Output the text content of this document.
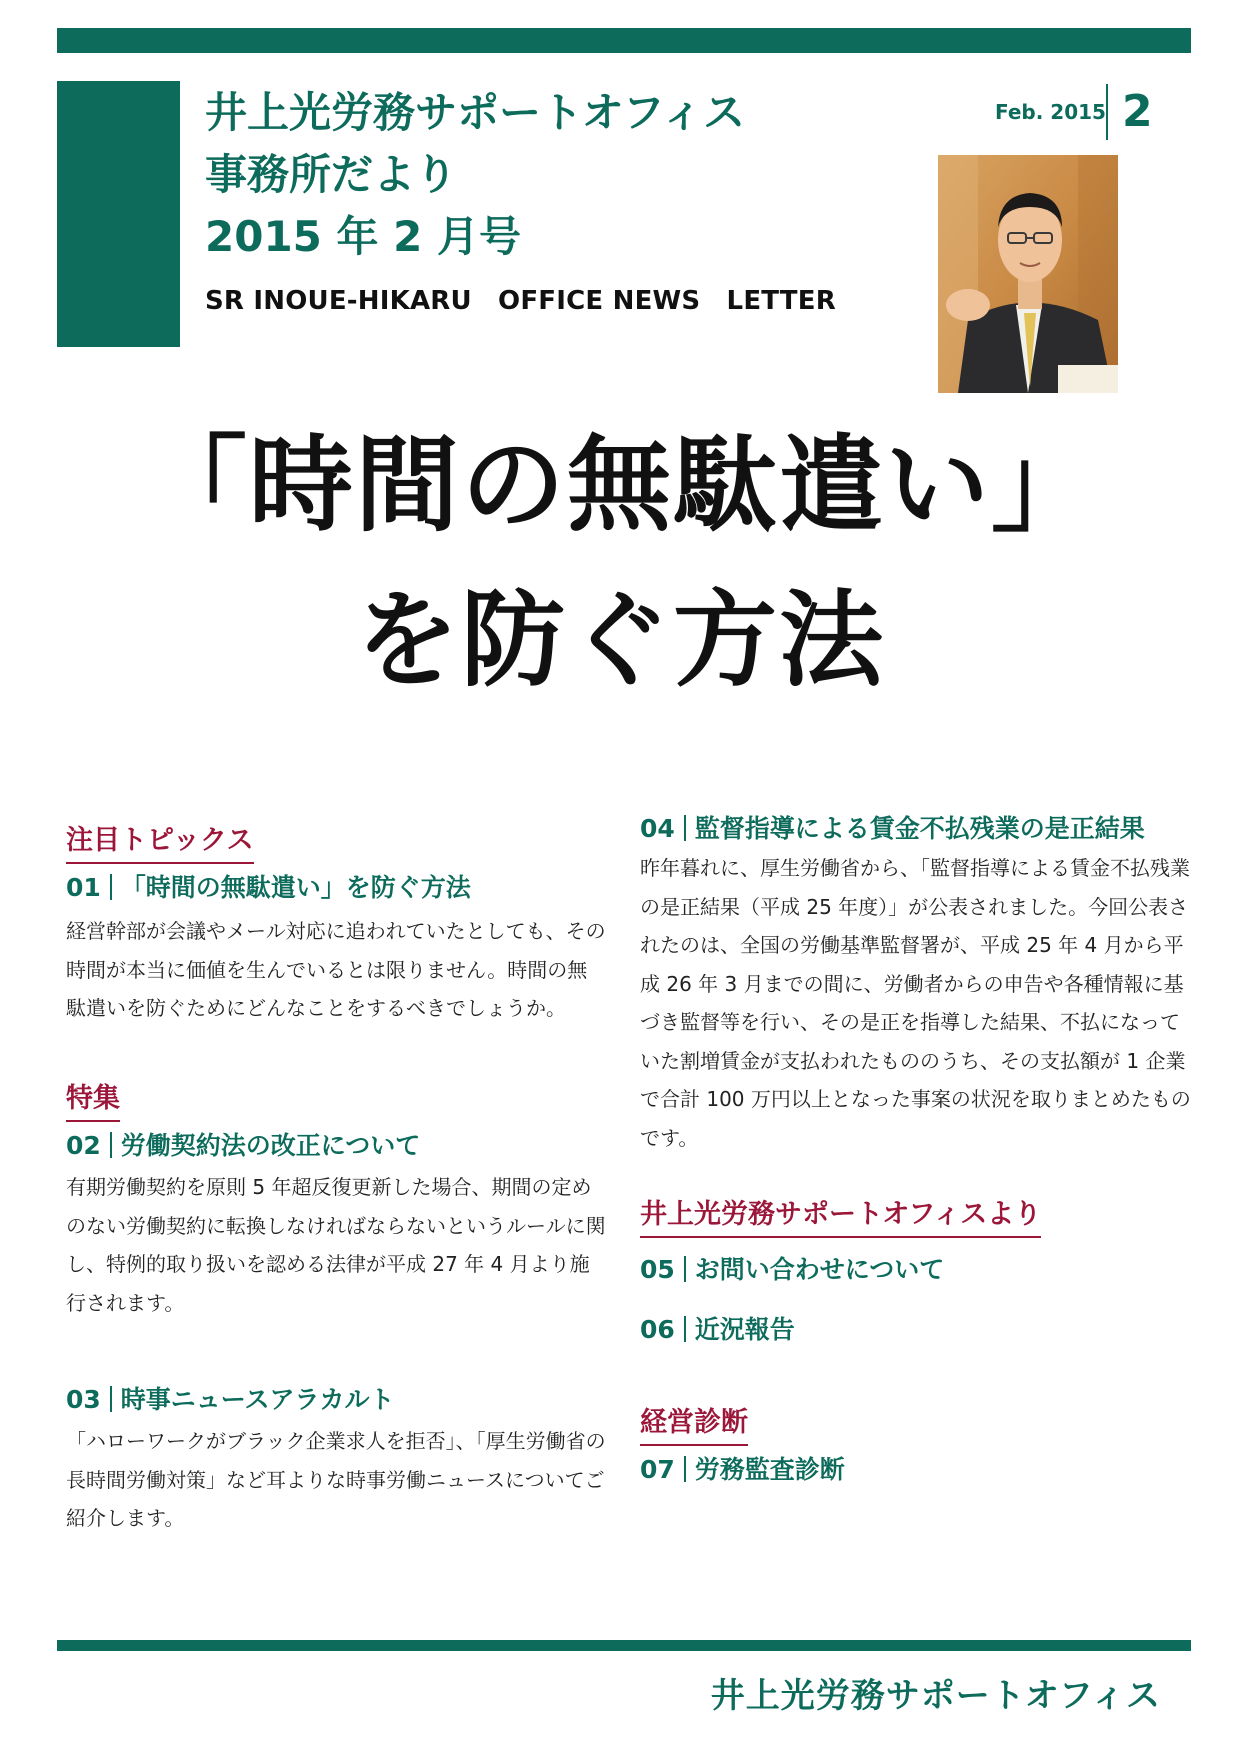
井上光労務サポートオフィス
事務所だより
2015 年 2 月号
SR INOUE-HIKARU　OFFICE NEWS　LETTER
Feb. 2015 2
「時間の無駄遣い」
を防ぐ方法
注目トピックス
01 「時間の無駄遣い」を防ぐ方法
経営幹部が会議やメール対応に追われていたとしても、その時間が本当に価値を生んでいるとは限りません。時間の無駄遣いを防ぐためにどんなことをするべきでしょうか。
特集
02 労働契約法の改正について
有期労働契約を原則 5 年超反復更新した場合、期間の定めのない労働契約に転換しなければならないというルールに関し、特例的取り扱いを認める法律が平成 27 年 4 月より施行されます。
03 時事ニュースアラカルト
「ハローワークがブラック企業求人を拒否」、「厚生労働省の長時間労働対策」など耳よりな時事労働ニュースについてご紹介します。
04 監督指導による賃金不払残業の是正結果
昨年暮れに、厚生労働省から、「監督指導による賃金不払残業の是正結果（平成 25 年度）」が公表されました。今回公表されたのは、全国の労働基準監督署が、平成 25 年 4 月から平成 26 年 3 月までの間に、労働者からの申告や各種情報に基づき監督等を行い、その是正を指導した結果、不払になっていた割増賃金が支払われたもののうち、その支払額が 1 企業で合計 100 万円以上となった事案の状況を取りまとめたものです。
井上光労務サポートオフィスより
05 お問い合わせについて
06 近況報告
経営診断
07 労務監査診断
井上光労務サポートオフィス
